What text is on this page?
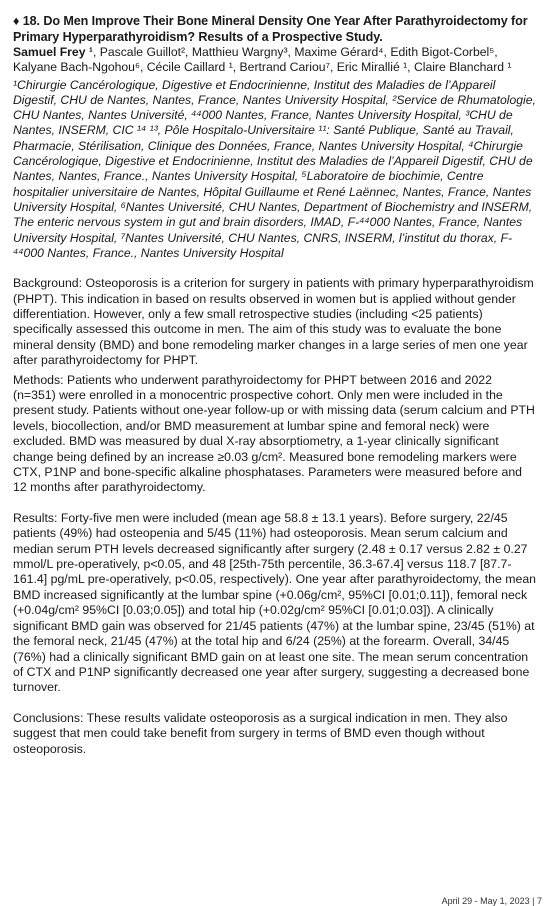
♦ 18. Do Men Improve Their Bone Mineral Density One Year After Parathyroidectomy for Primary Hyperparathyroidism? Results of a Prospective Study.

Samuel Frey ¹, Pascale Guillot², Matthieu Wargny³, Maxime Gérard⁴, Edith Bigot-Corbel⁵, Kalyane Bach-Ngohou⁶, Cécile Caillard ¹, Bertrand Cariou⁷, Eric Mirallié ¹, Claire Blanchard ¹

¹Chirurgie Cancérologique, Digestive et Endocrinienne, Institut des Maladies de l’Appareil Digestif, CHU de Nantes, Nantes, France, Nantes University Hospital, ²Service de Rhumatologie, CHU Nantes, Nantes Université, ⁴⁴000 Nantes, France, Nantes University Hospital, ³CHU de Nantes, INSERM, CIC ¹⁴ ¹³, Pôle Hospitalo-Universitaire ¹¹: Santé Publique, Santé au Travail, Pharmacie, Stérilisation, Clinique des Données, France, Nantes University Hospital, ⁴Chirurgie Cancérologique, Digestive et Endocrinienne, Institut des Maladies de l’Appareil Digestif, CHU de Nantes, Nantes, France., Nantes University Hospital, ⁵Laboratoire de biochimie, Centre hospitalier universitaire de Nantes, Hôpital Guillaume et René Laënnec, Nantes, France, Nantes University Hospital, ⁶Nantes Université, CHU Nantes, Department of Biochemistry and INSERM, The enteric nervous system in gut and brain disorders, IMAD, F-⁴⁴000 Nantes, France, Nantes University Hospital, ⁷Nantes Université, CHU Nantes, CNRS, INSERM, l’institut du thorax, F-⁴⁴000 Nantes, France., Nantes University Hospital

Background: Osteoporosis is a criterion for surgery in patients with primary hyperparathyroidism (PHPT). This indication in based on results observed in women but is applied without gender differentiation. However, only a few small retrospective studies (including <25 patients) specifically assessed this outcome in men. The aim of this study was to evaluate the bone mineral density (BMD) and bone remodeling marker changes in a large series of men one year after parathyroidectomy for PHPT.

Methods: Patients who underwent parathyroidectomy for PHPT between 2016 and 2022 (n=351) were enrolled in a monocentric prospective cohort. Only men were included in the present study. Patients without one-year follow-up or with missing data (serum calcium and PTH levels, biocollection, and/or BMD measurement at lumbar spine and femoral neck) were excluded. BMD was measured by dual X-ray absorptiometry, a 1-year clinically significant change being defined by an increase ≥0.03 g/cm². Measured bone remodeling markers were CTX, P1NP and bone-specific alkaline phosphatases. Parameters were measured before and 12 months after parathyroidectomy.

Results: Forty-five men were included (mean age 58.8 ± 13.1 years). Before surgery, 22/45 patients (49%) had osteopenia and 5/45 (11%) had osteoporosis. Mean serum calcium and median serum PTH levels decreased significantly after surgery (2.48 ± 0.17 versus 2.82 ± 0.27 mmol/L pre-operatively, p<0.05, and 48 [25th-75th percentile, 36.3-67.4] versus 118.7 [87.7-161.4] pg/mL pre-operatively, p<0.05, respectively). One year after parathyroidectomy, the mean BMD increased significantly at the lumbar spine (+0.06g/cm², 95%CI [0.01;0.11]), femoral neck (+0.04g/cm² 95%CI [0.03;0.05]) and total hip (+0.02g/cm² 95%CI [0.01;0.03]). A clinically significant BMD gain was observed for 21/45 patients (47%) at the lumbar spine, 23/45 (51%) at the femoral neck, 21/45 (47%) at the total hip and 6/24 (25%) at the forearm. Overall, 34/45 (76%) had a clinically significant BMD gain on at least one site. The mean serum concentration of CTX and P1NP significantly decreased one year after surgery, suggesting a decreased bone turnover.

Conclusions: These results validate osteoporosis as a surgical indication in men. They also suggest that men could take benefit from surgery in terms of BMD even though without osteoporosis.

April 29 - May 1, 2023 | 7
